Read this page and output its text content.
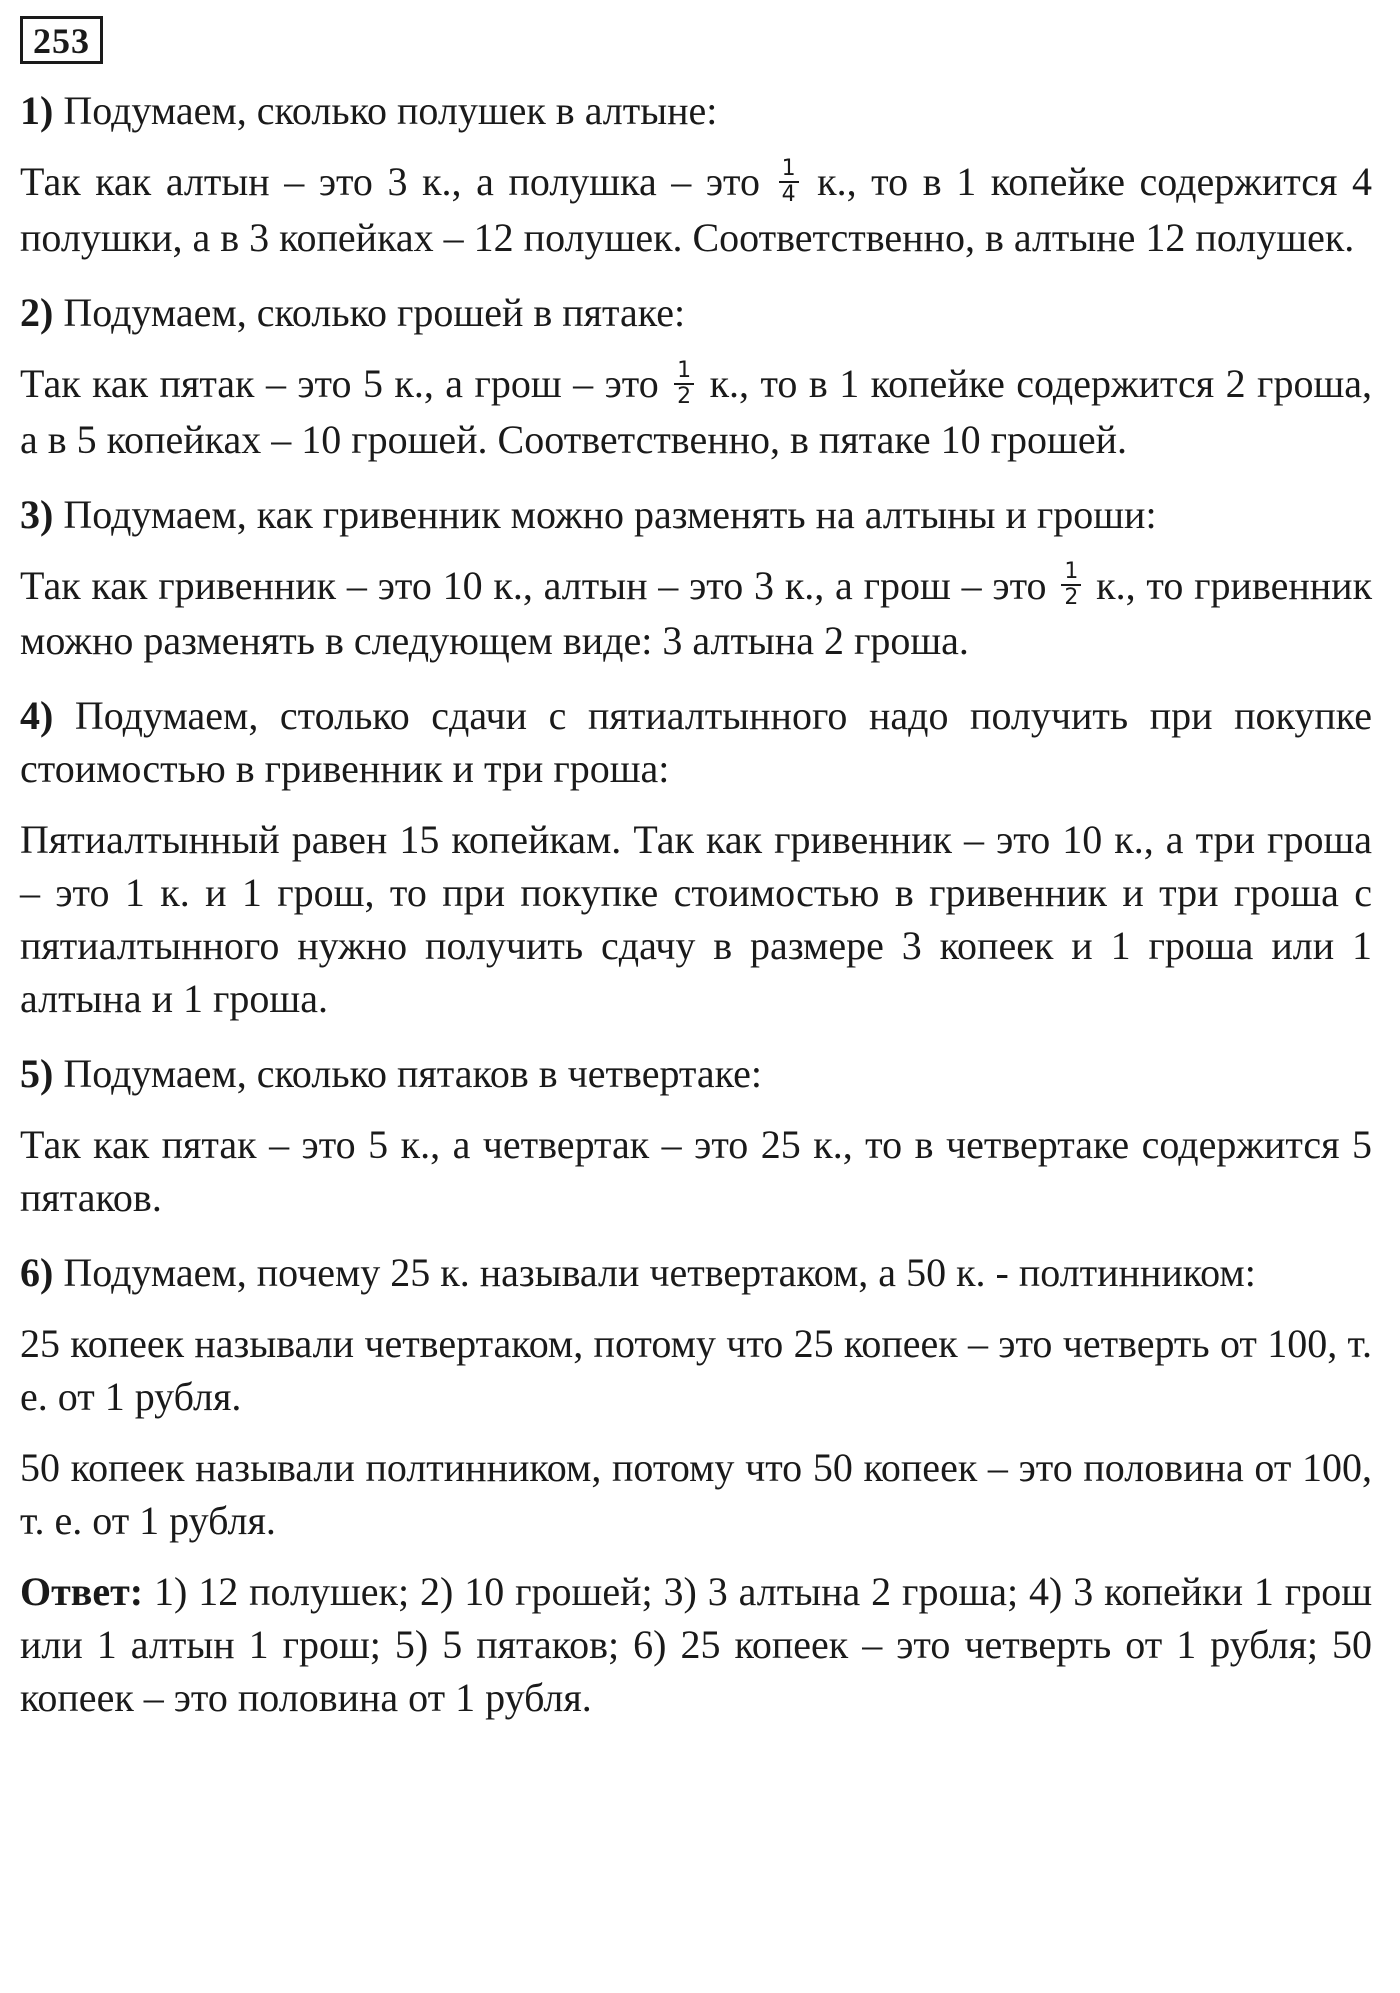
253

1) Подумаем, сколько полушек в алтыне:

Так как алтын – это 3 к., а полушка – это $\frac{1}{4} к$., то в 1 копейке содержится 4 полушки, а в 3 копейках – 12 полушек. Соответственно, в алтыне 12 полушек.

2) Подумаем, сколько грошей в пятаке:

Так как пятак – это 5 к., а грош – это $\frac{1}{2} к$., то в 1 копейке содержится 2 гроша, а в 5 копейках – 10 грошей. Соответственно, в пятаке 10 грошей.

3) Подумаем, как гривенник можно разменять на алтыны и гроши:

Так как гривенник – это 10 к., алтын – это 3 к., а грош – это $\frac{1}{2} к$., то гривенник можно разменять в следующем виде: 3 алтына 2 гроша.

4) Подумаем, столько сдачи с пятиалтынного надо получить при покупке стоимостью в гривенник и три гроша:

Пятиалтынный равен 15 копейкам. Так как гривенник – это 10 к., а три гроша – это 1 к. и 1 грош, то при покупке стоимостью в гривенник и три гроша с пятиалтынного нужно получить сдачу в размере 3 копеек и 1 гроша или 1 алтына и 1 гроша.

5) Подумаем, сколько пятаков в четвертаке:

Так как пятак – это 5 к., а четвертак – это 25 к., то в четвертаке содержится 5 пятаков.

6) Подумаем, почему 25 к. называли четвертаком, а 50 к. - полтинником:

25 копеек называли четвертаком, потому что 25 копеек – это четверть от 100, т. е. от 1 рубля.

50 копеек называли полтинником, потому что 50 копеек – это половина от 100, т. е. от 1 рубля.

Ответ: 1) 12 полушек; 2) 10 грошей; 3) 3 алтына 2 гроша; 4) 3 копейки 1 грош или 1 алтын 1 грош; 5) 5 пятаков; 6) 25 копеек – это четверть от 1 рубля; 50 копеек – это половина от 1 рубля.
